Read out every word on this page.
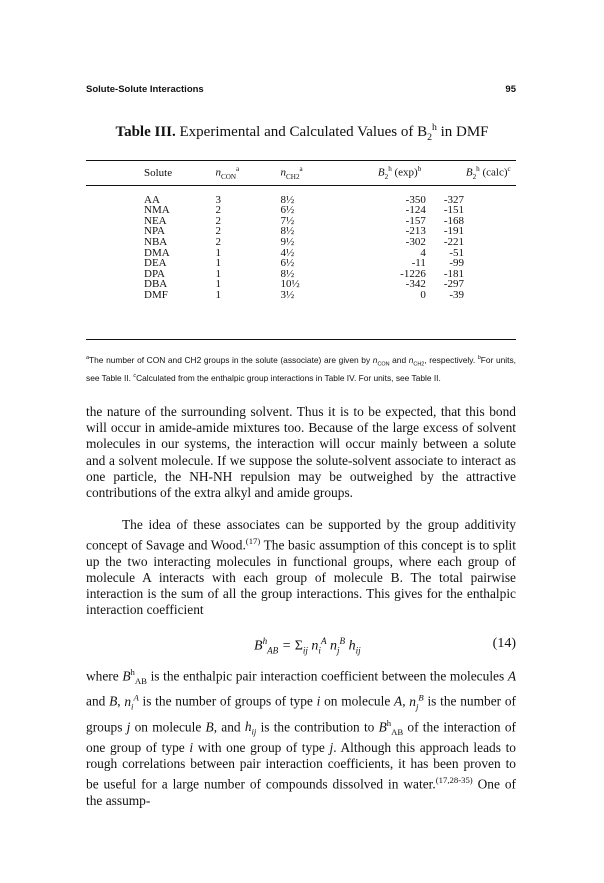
Solute-Solute Interactions	95
Table III. Experimental and Calculated Values of $B_2^h$ in DMF
Solute	$n_{CON}^a$	$n_{CH2}^a$	$B_2^h$ $(\exp)^b$	$B_2^h$ (calc)$^c$

AA	3	8½	-350	-327
NMA	2	6½	-124	-151
NEA	2	7½	-157	-168
NPA	2	8½	-213	-191
NBA	2	9½	-302	-221
DMA	1	4½	4	-51
DEA	1	6½	-11	-99
DPA	1	8½	-1226	-181
DBA	1	10½	-342	-297
DMF	1	3½	0	-39
$^a$The number of CON and CH2 groups in the solute (associate) are given by $n_{CON}$ and $n_{CH2}$, respectively. $^b$For units, see Table II. $^c$Calculated from the enthalpic group interactions in Table IV. For units, see Table II.

the nature of the surrounding solvent. Thus it is to be expected, that this bond will occur in amide-amide mixtures too. Because of the large excess of solvent molecules in our systems, the interaction will occur mainly between a solute and a solvent molecule. If we suppose the solute-solvent associate to interact as one particle, the NH-NH repulsion may be outweighed by the attractive contributions of the extra alkyl and amide groups.

The idea of these associates can be supported by the group additivity concept of Savage and Wood.$^{(17)}$ The basic assumption of this concept is to split up the two interacting molecules in functional groups, where each group of molecule A interacts with each group of molecule B. The total pairwise interaction is the sum of all the group interactions. This gives for the enthalpic interaction coefficient

$B^h_{AB} = \Sigma_{ij}$ $n_i^A$ $n_j^B$ $h_{ij}$	(14)

where $B^h_{AB}$ is the enthalpic pair interaction coefficient between the molecules A and B, $n_i^A$ is the number of groups of type i on molecule A, $n_j^B$ is the number of groups j on molecule B, and $h_{ij}$ is the contribution to $B^h_{AB}$ of the interaction of one group of type i with one group of type j. Although this approach leads to rough correlations between pair interaction coefficients, it has been proven to be useful for a large number of compounds dissolved in water.$^{(17,28-35)}$ One of the assump-
